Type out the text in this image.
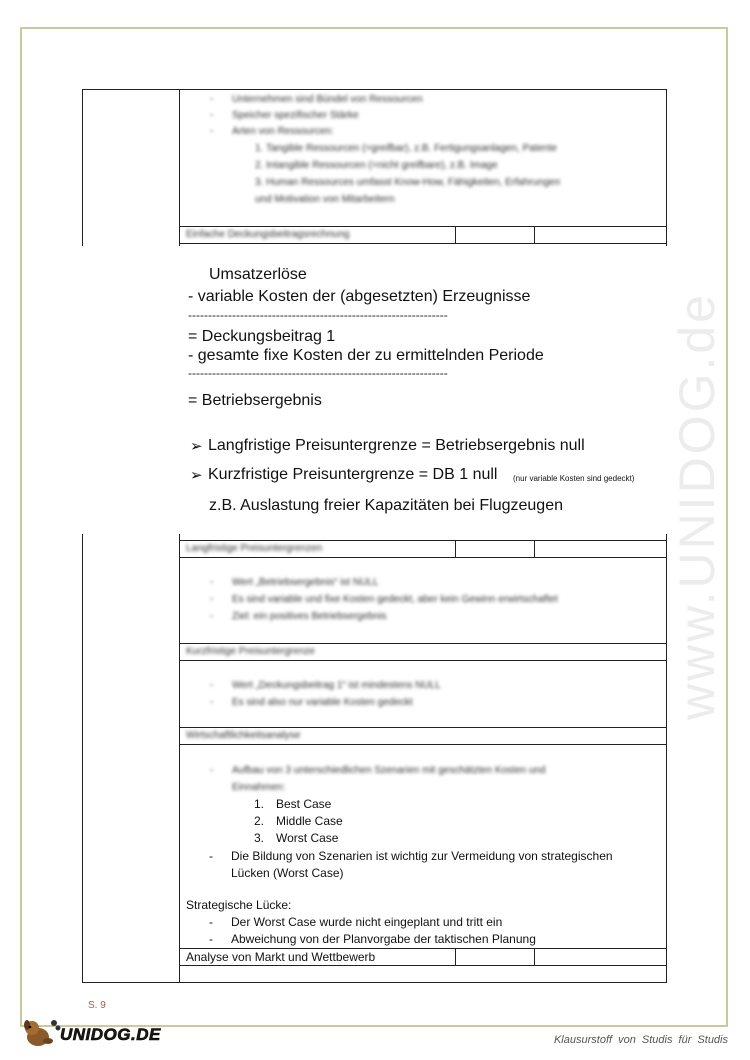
www.UNIDOG.de
- Unternehmen sind Bündel von Ressourcen
- Speicher spezifischer Stärke
- Arten von Ressourcen:
1. Tangible Ressourcen (=greifbar), z.B. Fertigungsanlagen, Patente
2. Intangible Ressourcen (=nicht greifbare), z.B. Image
3. Human Ressources umfasst Know-How, Fähigkeiten, Erfahrungen
und Motivation von Mitarbeitern
Einfache Deckungsbeitragsrechnung
Umsatzerlöse
- variable Kosten der (abgesetzten) Erzeugnisse
-----------------------------------------------------------------
= Deckungsbeitrag 1
- gesamte fixe Kosten der zu ermittelnden Periode
-----------------------------------------------------------------
= Betriebsergebnis
➢ Langfristige Preisuntergrenze = Betriebsergebnis null
➢ Kurzfristige Preisuntergrenze = DB 1 null (nur variable Kosten sind gedeckt)
z.B. Auslastung freier Kapazitäten bei Flugzeugen
Langfristige Preisuntergrenzen
- Wert „Betriebsergebnis“ ist NULL
- Es sind variable und fixe Kosten gedeckt, aber kein Gewinn erwirtschaftet
- Ziel: ein positives Betriebsergebnis
Kurzfristige Preisuntergrenze
- Wert „Deckungsbeitrag 1“ ist mindestens NULL
- Es sind also nur variable Kosten gedeckt
Wirtschaftlichkeitsanalyse
- Aufbau von 3 unterschiedlichen Szenarien mit geschätzten Kosten und
Einnahmen:
1. Best Case
2. Middle Case
3. Worst Case
- Die Bildung von Szenarien ist wichtig zur Vermeidung von strategischen
Lücken (Worst Case)
Strategische Lücke:
- Der Worst Case wurde nicht eingeplant und tritt ein
- Abweichung von der Planvorgabe der taktischen Planung
Analyse von Markt und Wettbewerb
S. 9
UNIDOG.DE	Klausurstoff von Studis für Studis
